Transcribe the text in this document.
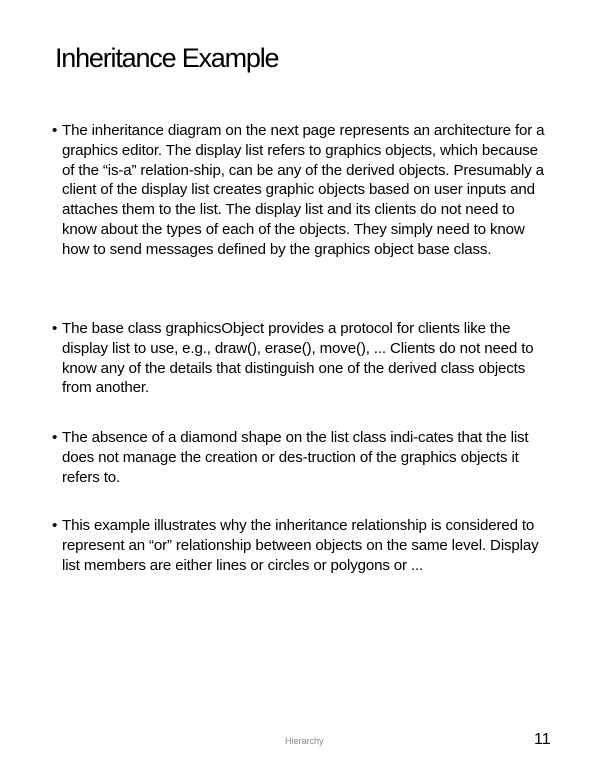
Inheritance Example
• The inheritance diagram on the next page represents an architecture for a graphics editor. The display list refers to graphics objects, which because of the “is-a” relation-ship, can be any of the derived objects. Presumably a client of the display list creates graphic objects based on user inputs and attaches them to the list. The display list and its clients do not need to know about the types of each of the objects. They simply need to know how to send messages defined by the graphics object base class.
• The base class graphicsObject provides a protocol for clients like the display list to use, e.g., draw(), erase(), move(), ... Clients do not need to know any of the details that distinguish one of the derived class objects from another.
• The absence of a diamond shape on the list class indi-cates that the list does not manage the creation or des-truction of the graphics objects it refers to.
• This example illustrates why the inheritance relationship is considered to represent an “or” relationship between objects on the same level. Display list members are either lines or circles or polygons or ...
Hierarchy	11
